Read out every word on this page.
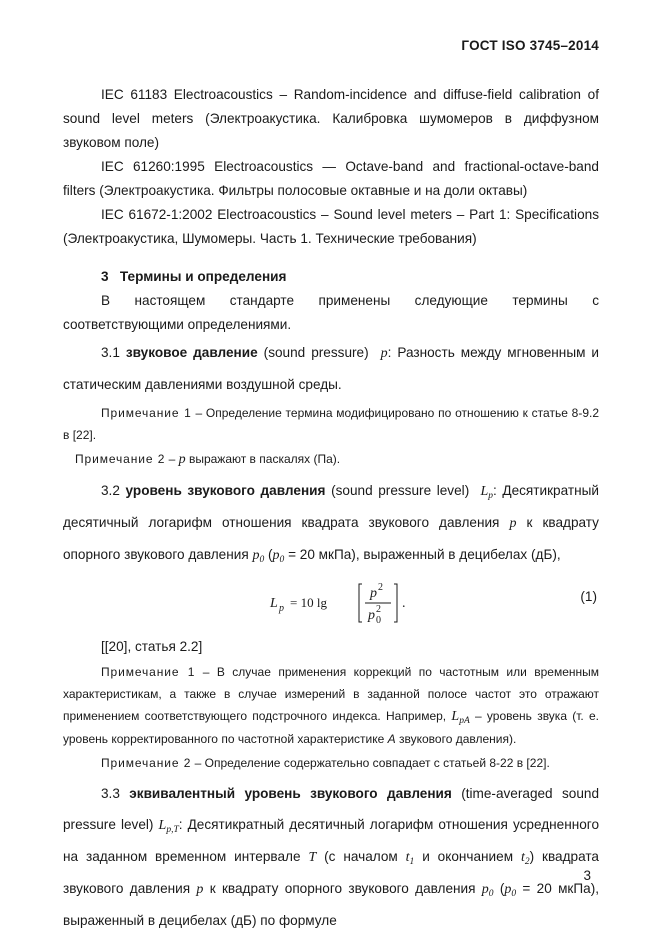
ГОСТ ISO 3745–2014

IEC 61183 Electroacoustics – Random-incidence and diffuse-field calibration of sound level meters (Электроакустика. Калибровка шумомеров в диффузном звуковом поле)

IEC 61260:1995 Electroacoustics — Octave-band and fractional-octave-band filters (Электроакустика. Фильтры полосовые октавные и на доли октавы)

IEC 61672-1:2002 Electroacoustics – Sound level meters – Part 1: Specifications (Электроакустика, Шумомеры. Часть 1. Технические требования)

3 Термины и определения

В настоящем стандарте применены следующие термины с соответствующими определениями.

3.1 звуковое давление (sound pressure) p: Разность между мгновенным и статическим давлениями воздушной среды.

Примечание 1 – Определение термина модифицировано по отношению к статье 8-9.2 в [22].

Примечание 2 – p выражают в паскалях (Па).

3.2 уровень звукового давления (sound pressure level) $L_p$: Десятикратный десятичный логарифм отношения квадрата звукового давления p к квадрату опорного звукового давления $p_0$ ($p_0 = 20$ мкПа), выраженный в децибелах (дБ),

L p = 10 lg
p 2
p 0
2 .	(1)

[[20], статья 2.2]

Примечание 1 – В случае применения коррекций по частотным или временным характеристикам, а также в случае измерений в заданной полосе частот это отражают применением соответствующего подстрочного индекса. Например, $L_{pA}$ – уровень звука (т. е. уровень корректированного по частотной характеристике А звукового давления).

Примечание 2 – Определение содержательно совпадает с статьей 8-22 в [22].

3.3 эквивалентный уровень звукового давления (time-averaged sound pressure level) $L_{p,T}$: Десятикратный десятичный логарифм отношения усредненного на заданном временном интервале T (с началом $t_1$ и окончанием $t_2$) квадрата звукового давления p к квадрату опорного звукового давления $p_0$ ($p_0 = 20$ мкПа), выраженный в децибелах (дБ) по формуле

3
